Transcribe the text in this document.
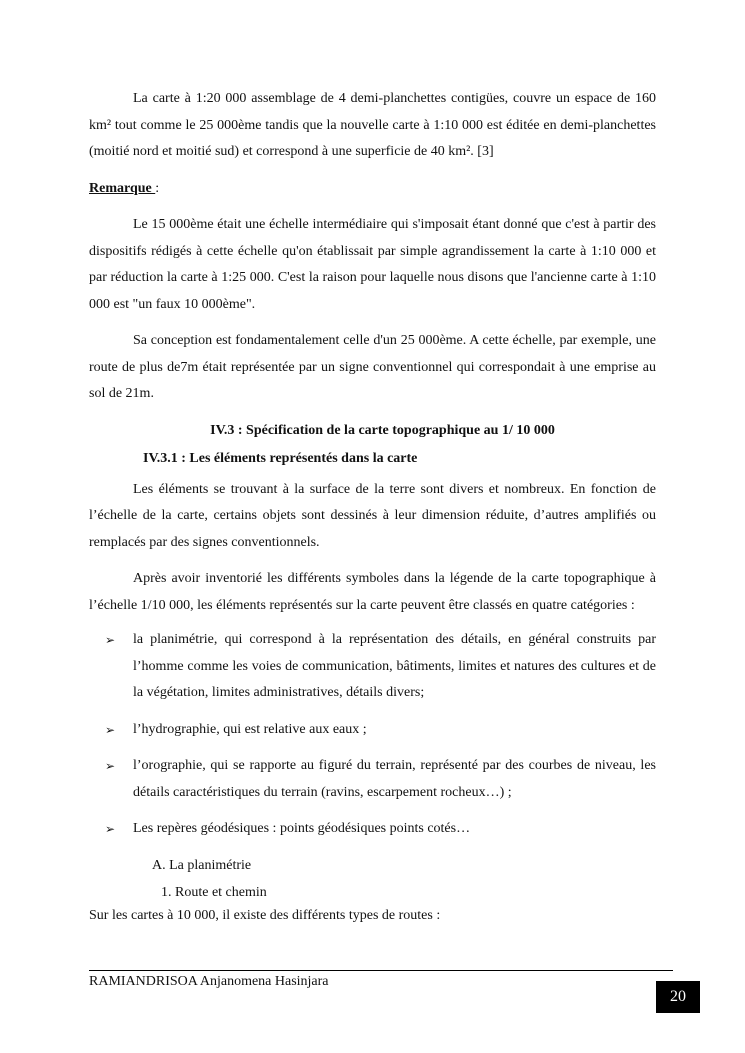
La carte à 1:20 000 assemblage de 4 demi-planchettes contigües, couvre un espace de 160 km² tout comme le 25 000ème tandis que la nouvelle carte à 1:10 000 est éditée en demi-planchettes (moitié nord et moitié sud) et correspond à une superficie de 40 km². [3]

Remarque :

Le 15 000ème était une échelle intermédiaire qui s'imposait étant donné que c'est à partir des dispositifs rédigés à cette échelle qu'on établissait par simple agrandissement la carte à 1:10 000 et par réduction la carte à 1:25 000. C'est la raison pour laquelle nous disons que l'ancienne carte à 1:10 000 est "un faux 10 000ème".

Sa conception est fondamentalement celle d'un 25 000ème. A cette échelle, par exemple, une route de plus de7m était représentée par un signe conventionnel qui correspondait à une emprise au sol de 21m.

IV.3 : Spécification de la carte topographique au 1/ 10 000

IV.3.1 : Les éléments représentés dans la carte

Les éléments se trouvant à la surface de la terre sont divers et nombreux. En fonction de l’échelle de la carte, certains objets sont dessinés à leur dimension réduite, d’autres amplifiés ou remplacés par des signes conventionnels.

Après avoir inventorié les différents symboles dans la légende de la carte topographique à l’échelle 1/10 000, les éléments représentés sur la carte peuvent être classés en quatre catégories :

➢ la planimétrie, qui correspond à la représentation des détails, en général construits par l’homme comme les voies de communication, bâtiments, limites et natures des cultures et de la végétation, limites administratives, détails divers;
➢ l’hydrographie, qui est relative aux eaux ;
➢ l’orographie, qui se rapporte au figuré du terrain, représenté par des courbes de niveau, les détails caractéristiques du terrain (ravins, escarpement rocheux…) ;
➢ Les repères géodésiques : points géodésiques points cotés…

A. La planimétrie

1. Route et chemin

Sur les cartes à 10 000, il existe des différents types de routes :

RAMIANDRISOA Anjanomena Hasinjara
20
